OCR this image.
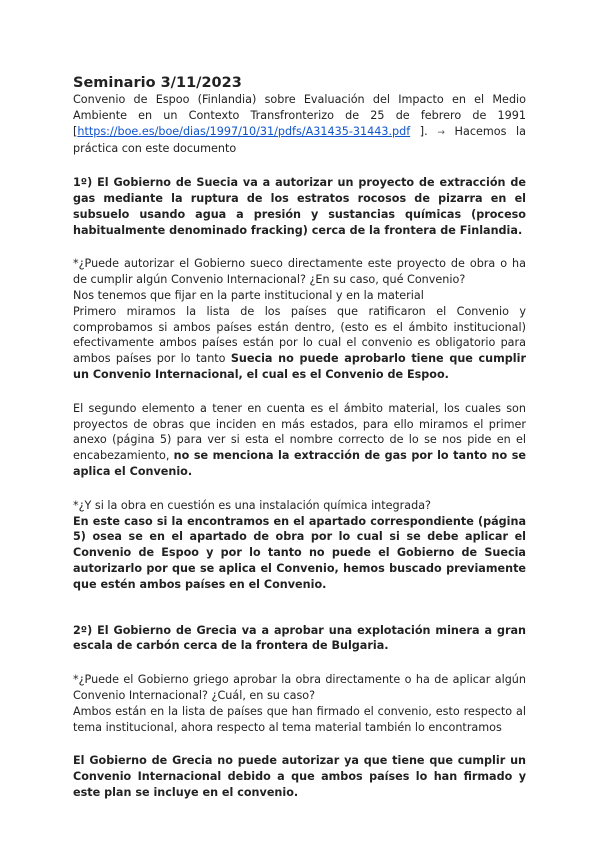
Seminario 3/11/2023

Convenio de Espoo (Finlandia) sobre Evaluación del Impacto en el Medio Ambiente en un Contexto Transfronterizo de 25 de febrero de 1991 [https://boe.es/boe/dias/1997/10/31/pdfs/A31435-31443.pdf ]. → Hacemos la práctica con este documento

1º) El Gobierno de Suecia va a autorizar un proyecto de extracción de gas mediante la ruptura de los estratos rocosos de pizarra en el subsuelo usando agua a presión y sustancias químicas (proceso habitualmente denominado fracking) cerca de la frontera de Finlandia.

*¿Puede autorizar el Gobierno sueco directamente este proyecto de obra o ha de cumplir algún Convenio Internacional? ¿En su caso, qué Convenio?

Nos tenemos que fijar en la parte institucional y en la material

Primero miramos la lista de los países que ratificaron el Convenio y comprobamos si ambos países están dentro, (esto es el ámbito institucional) efectivamente ambos países están por lo cual el convenio es obligatorio para ambos países por lo tanto Suecia no puede aprobarlo tiene que cumplir un Convenio Internacional, el cual es el Convenio de Espoo.

El segundo elemento a tener en cuenta es el ámbito material, los cuales son proyectos de obras que inciden en más estados, para ello miramos el primer anexo (página 5) para ver si esta el nombre correcto de lo se nos pide en el encabezamiento, no se menciona la extracción de gas por lo tanto no se aplica el Convenio.

*¿Y si la obra en cuestión es una instalación química integrada?

En este caso si la encontramos en el apartado correspondiente (página 5) osea se en el apartado de obra por lo cual si se debe aplicar el Convenio de Espoo y por lo tanto no puede el Gobierno de Suecia autorizarlo por que se aplica el Convenio, hemos buscado previamente que estén ambos países en el Convenio.

2º) El Gobierno de Grecia va a aprobar una explotación minera a gran escala de carbón cerca de la frontera de Bulgaria.

*¿Puede el Gobierno griego aprobar la obra directamente o ha de aplicar algún Convenio Internacional? ¿Cuál, en su caso?

Ambos están en la lista de países que han firmado el convenio, esto respecto al tema institucional, ahora respecto al tema material también lo encontramos

El Gobierno de Grecia no puede autorizar ya que tiene que cumplir un Convenio Internacional debido a que ambos países lo han firmado y este plan se incluye en el convenio.
